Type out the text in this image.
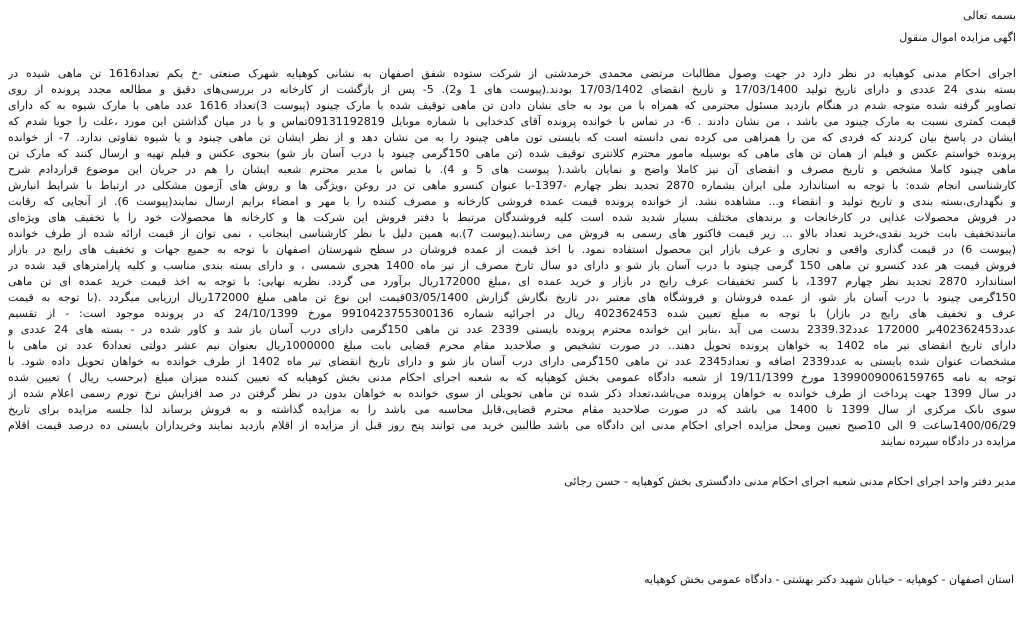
بسمه تعالی
اگهی مزایده اموال منقول
اجرای احکام مدنی کوهپایه در نظر دارد در جهت وصول مطالبات مرتضی محمدی خرمدشتی از شرکت ستوده شفق اصفهان به نشانی کوهپایه شهرک صنعتی -خ یکم تعداد1616 تن ماهی شیده در
بسته بندی 24 عددی و دارای تاریخ تولید 17/03/1400 و تاریخ انقضای 17/03/1402 بودند.(پیوست های 1 و2). 5- پس از بازگشت از کارخانه در بررسی‌های دقیق و مطالعه مجدد پرونده از روی
تصاویر گرفته شده متوجه شدم در هنگام بازدید مسئول محترمی که همراه با من بود به جای نشان دادن تن ماهی توقیف شده با مارک چینود (پیوست 3)تعداد 1616 عدد ماهی با مارک شیوه به که دارای
قیمت کمتری نسبت به مارک چینود می باشد ، من نشان دادند . 6- در تماس با خوانده پرونده آقای کدخدایی با شماره موبایل 09131192819تماس و با در میان گذاشتن این مورد ،علت را جویا شدم که
ایشان در پاسخ بیان کردند که فردی که من را همراهی می کرده نمی دانسته است که بایستی تون ماهی چینود را به من نشان دهد و از نظر ایشان تن ماهی چینود و یا شیوه تفاوتی ندارد. 7- از خوانده
پرونده خواستم عکس و فیلم از همان تن های ماهی که بوسیله مامور محترم کلانتری توقیف شده (تن ماهی 150گرمی چینود با درب آسان باز شو) بنحوی عکس و فیلم تهیه و ارسال کنند که مارک تن
ماهی چینود کاملا مشخص و تاریخ مصرف و انقضای آن نیز کاملا واضح و نمایان باشد.( پیوست های 5 و 4). با تماس با مدیر محترم شعبه ایشان را هم در جریان این موضوع قراردادم شرح
کارشناسی انجام شده: با توجه به استاندارد ملی ایران بشماره 2870 تجدید نظر چهارم -1397-با عنوان کنسرو ماهی تن در روغن ،ویژگی ها و روش های آزمون مشکلی در ارتباط با شرایط انبارش
و نگهداری،بسته بندی و تاریخ تولید و انقضاء و... مشاهده نشد. از خوانده پرونده قیمت عمده فروشی کارخانه و مصرف کننده را با مهر و امضاء برایم ارسال نمایند(پیوست 6). از آنجایی که رقابت
در فروش محصولات غذایی در کارخانجات و برندهای مختلف بسیار شدید شده است کلیه فروشندگان مرتبط با دفتر فروش این شرکت ها و کارخانه ها محصولات خود را با تخفیف های ویژه‌ای
مانندتخفیف بابت خرید نقدی،خرید تعداد بالاو ... زیر قیمت فاکتور های رسمی به فروش می رسانند.(پیوست 7).به همین دلیل با نظر کارشناسی اینجانب ، نمی توان از قیمت ارائه شده از طرف خوانده
(پیوست 6) در قیمت گذاری واقعی و تجاری و عرف بازار این محصول استفاده نمود. با اخذ قیمت از عمده فروشان در سطح شهرستان اصفهان با توجه به جمیع جهات و تخفیف های رایج در بازار
فروش قیمت هر عدد کنسرو تن ماهی 150 گرمی چینود با درب آسان باز شو و دارای دو سال تارخ مصرف از تیر ماه 1400 هجری شمسی ، و دارای بسته بندی مناسب و کلیه پارامترهای قید شده در
استاندارد 2870 تجدید نظر چهارم 1397، با کسر تخفیفات عرف رایج در بازار و خرید عمده ای ،مبلغ 172000ریال برآورد می گردد. نظریه نهایی: با توجه به اخذ قیمت خرید عمده ای تن ماهی
150گرمی چینود با درب آسان باز شو، از عمده فروشان و فروشگاه های معتبر ،در تاریخ نگارش گزارش 03/05/1400قیمت این نوع تن ماهی مبلغ 172000ریال ارزیابی میگردد .(با توجه به قیمت
عرف و تخفیف های رایج در بازار) با توجه به مبلغ تعیین شده 402362453 ریال در اجرائیه شماره 9910423755300136 مورخ 24/10/1399 که در پرونده موجود است: - از تقسیم
عدد402362453بر 172000 عدد2339.32 بدست می آید ،بنابر این خوانده محترم پرونده بایستی 2339 عدد تن ماهی 150گرمی دارای درب آسان باز شد و کاور شده در - بسته های 24 عددی و
دارای تاریخ انقضای تیر ماه 1402 به خواهان پرونده تحویل دهند.. در صورت تشخیص و صلاحدید مقام محرم قضایی بابت مبلغ 1000000ریال بعنوان نیم عشر دولتی تعداد6 عدد تن ماهی با
مشخصات عنوان شده بایستی به عدد2339 اضافه و تعداد2345 عدد تن ماهی 150گرمی دارای درب آسان باز شو و دارای تاریخ انقضای تیر ماه 1402 از طرف خوانده به خواهان تحویل داده شود. با
توجه به نامه 1399009006159765 مورخ 19/11/1399 از شعبه دادگاه عمومی بخش کوهپایه که به شعبه اجرای احکام مدنی بخش کوهپایه که تعیین کننده میزان مبلغ (برحسب ریال ) تعیین شده
در سال 1399 جهت پرداخت از طرف خوانده به خواهان پرونده می‌باشد،تعداد ذکر شده تن ماهی تحویلی از سوی خوانده به خواهان بدون در نظر گرفتن در صد افزایش نرخ تورم رسمی اعلام شده از
سوی بانک مرکزی از سال 1399 تا 1400 می باشد که در صورت صلاحدید مقام محترم قضایی،قابل محاسبه می باشد را به مزایده گذاشته و به فروش برساند لذا جلسه مزایده برای تاریخ
1400/06/29ساعت 9 الی 10صبح تعیین ومحل مزایده اجرای احکام مدنی این دادگاه می باشد طالبین خرید می توانند پنج روز قبل از مزایده از اقلام بازدید نمایند وخریداران بایستی ده درصد قیمت اقلام
مزایده در دادگاه سپرده نمایند
مدیر دفتر واحد اجرای احکام مدنی شعبه اجرای احکام مدنی دادگستری بخش کوهپایه - حسن رجائی
استان اصفهان - کوهپایه - خیابان شهید دکتر بهشتی - دادگاه عمومی بخش کوهپایه
